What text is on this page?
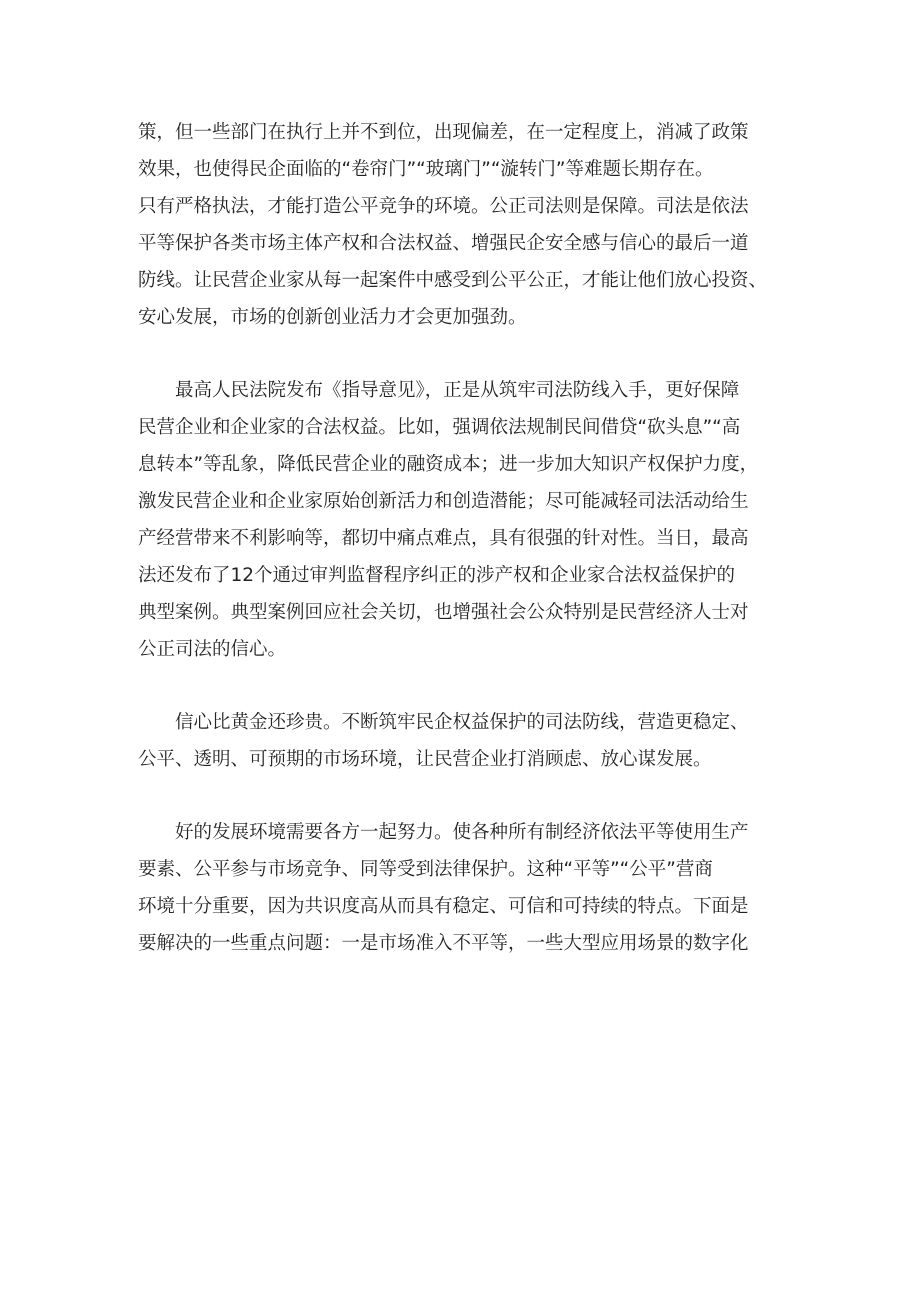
策，但一些部门在执行上并不到位，出现偏差，在一定程度上，消减了政策
效果，也使得民企面临的“卷帘门”“玻璃门”“漩转门”等难题长期存在。
只有严格执法，才能打造公平竞争的环境。公正司法则是保障。司法是依法
平等保护各类市场主体产权和合法权益、增强民企安全感与信心的最后一道
防线。让民营企业家从每一起案件中感受到公平公正，才能让他们放心投资、
安心发展，市场的创新创业活力才会更加强劲。
　　最高人民法院发布《指导意见》，正是从筑牢司法防线入手，更好保障
民营企业和企业家的合法权益。比如，强调依法规制民间借贷“砍头息”“高
息转本”等乱象，降低民营企业的融资成本；进一步加大知识产权保护力度，
激发民营企业和企业家原始创新活力和创造潜能；尽可能减轻司法活动给生
产经营带来不利影响等，都切中痛点难点，具有很强的针对性。当日，最高
法还发布了12个通过审判监督程序纠正的涉产权和企业家合法权益保护的
典型案例。典型案例回应社会关切，也增强社会公众特别是民营经济人士对
公正司法的信心。
　　信心比黄金还珍贵。不断筑牢民企权益保护的司法防线，营造更稳定、
公平、透明、可预期的市场环境，让民营企业打消顾虑、放心谋发展。
　　好的发展环境需要各方一起努力。使各种所有制经济依法平等使用生产
要素、公平参与市场竞争、同等受到法律保护。这种“平等”“公平”营商
环境十分重要，因为共识度高从而具有稳定、可信和可持续的特点。下面是
要解决的一些重点问题：一是市场准入不平等，一些大型应用场景的数字化
